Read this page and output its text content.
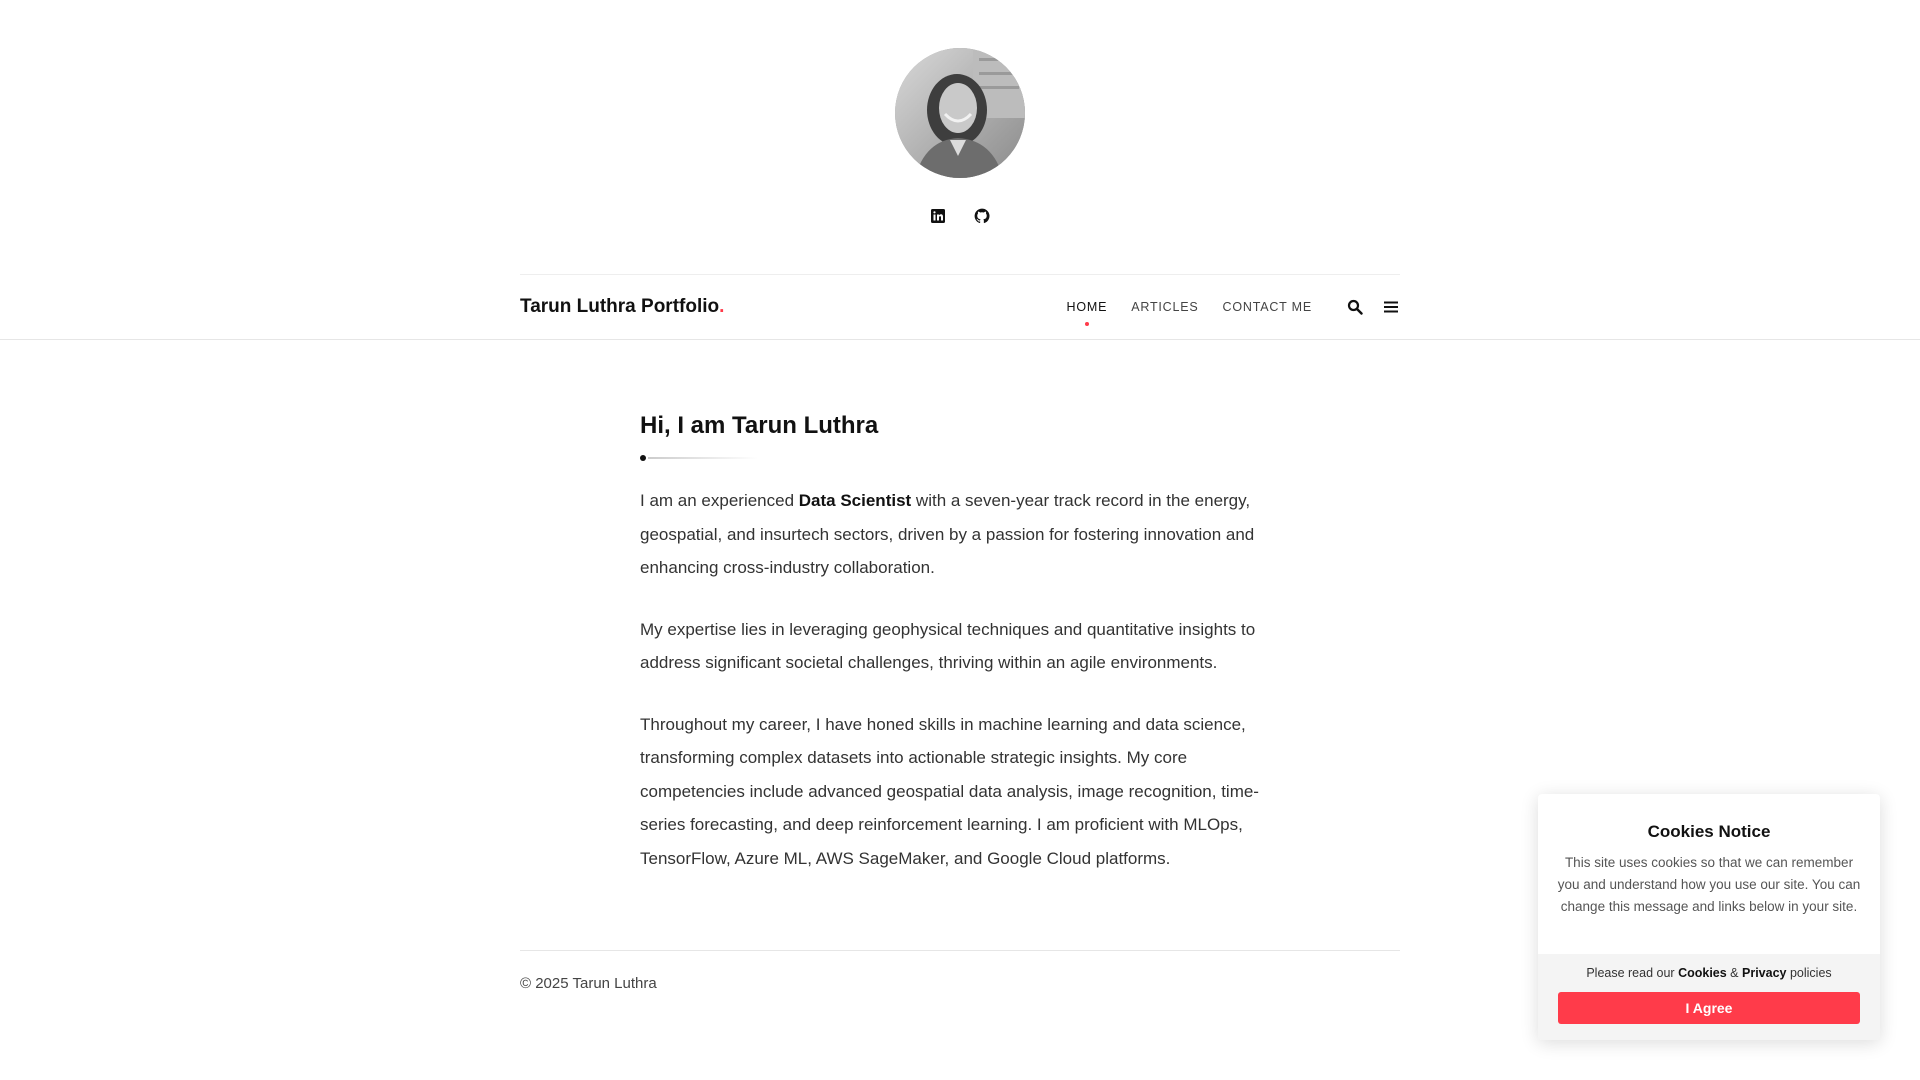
Tarun Luthra Portfolio.	HOME ARTICLES CONTACT ME
Hi, I am Tarun Luthra

I am an experienced Data Scientist with a seven-year track record in the energy, geospatial, and insurtech sectors, driven by a passion for fostering innovation and enhancing cross-industry collaboration.

My expertise lies in leveraging geophysical techniques and quantitative insights to address significant societal challenges, thriving within an agile environments.

Throughout my career, I have honed skills in machine learning and data science, transforming complex datasets into actionable strategic insights. My core competencies include advanced geospatial data analysis, image recognition, time-series forecasting, and deep reinforcement learning. I am proficient with MLOps, TensorFlow, Azure ML, AWS SageMaker, and Google Cloud platforms.

© 2025 Tarun Luthra
Cookies Notice
This site uses cookies so that we can remember you and understand how you use our site. You can change this message and links below in your site.
Please read our Cookies & Privacy policies
I Agree
